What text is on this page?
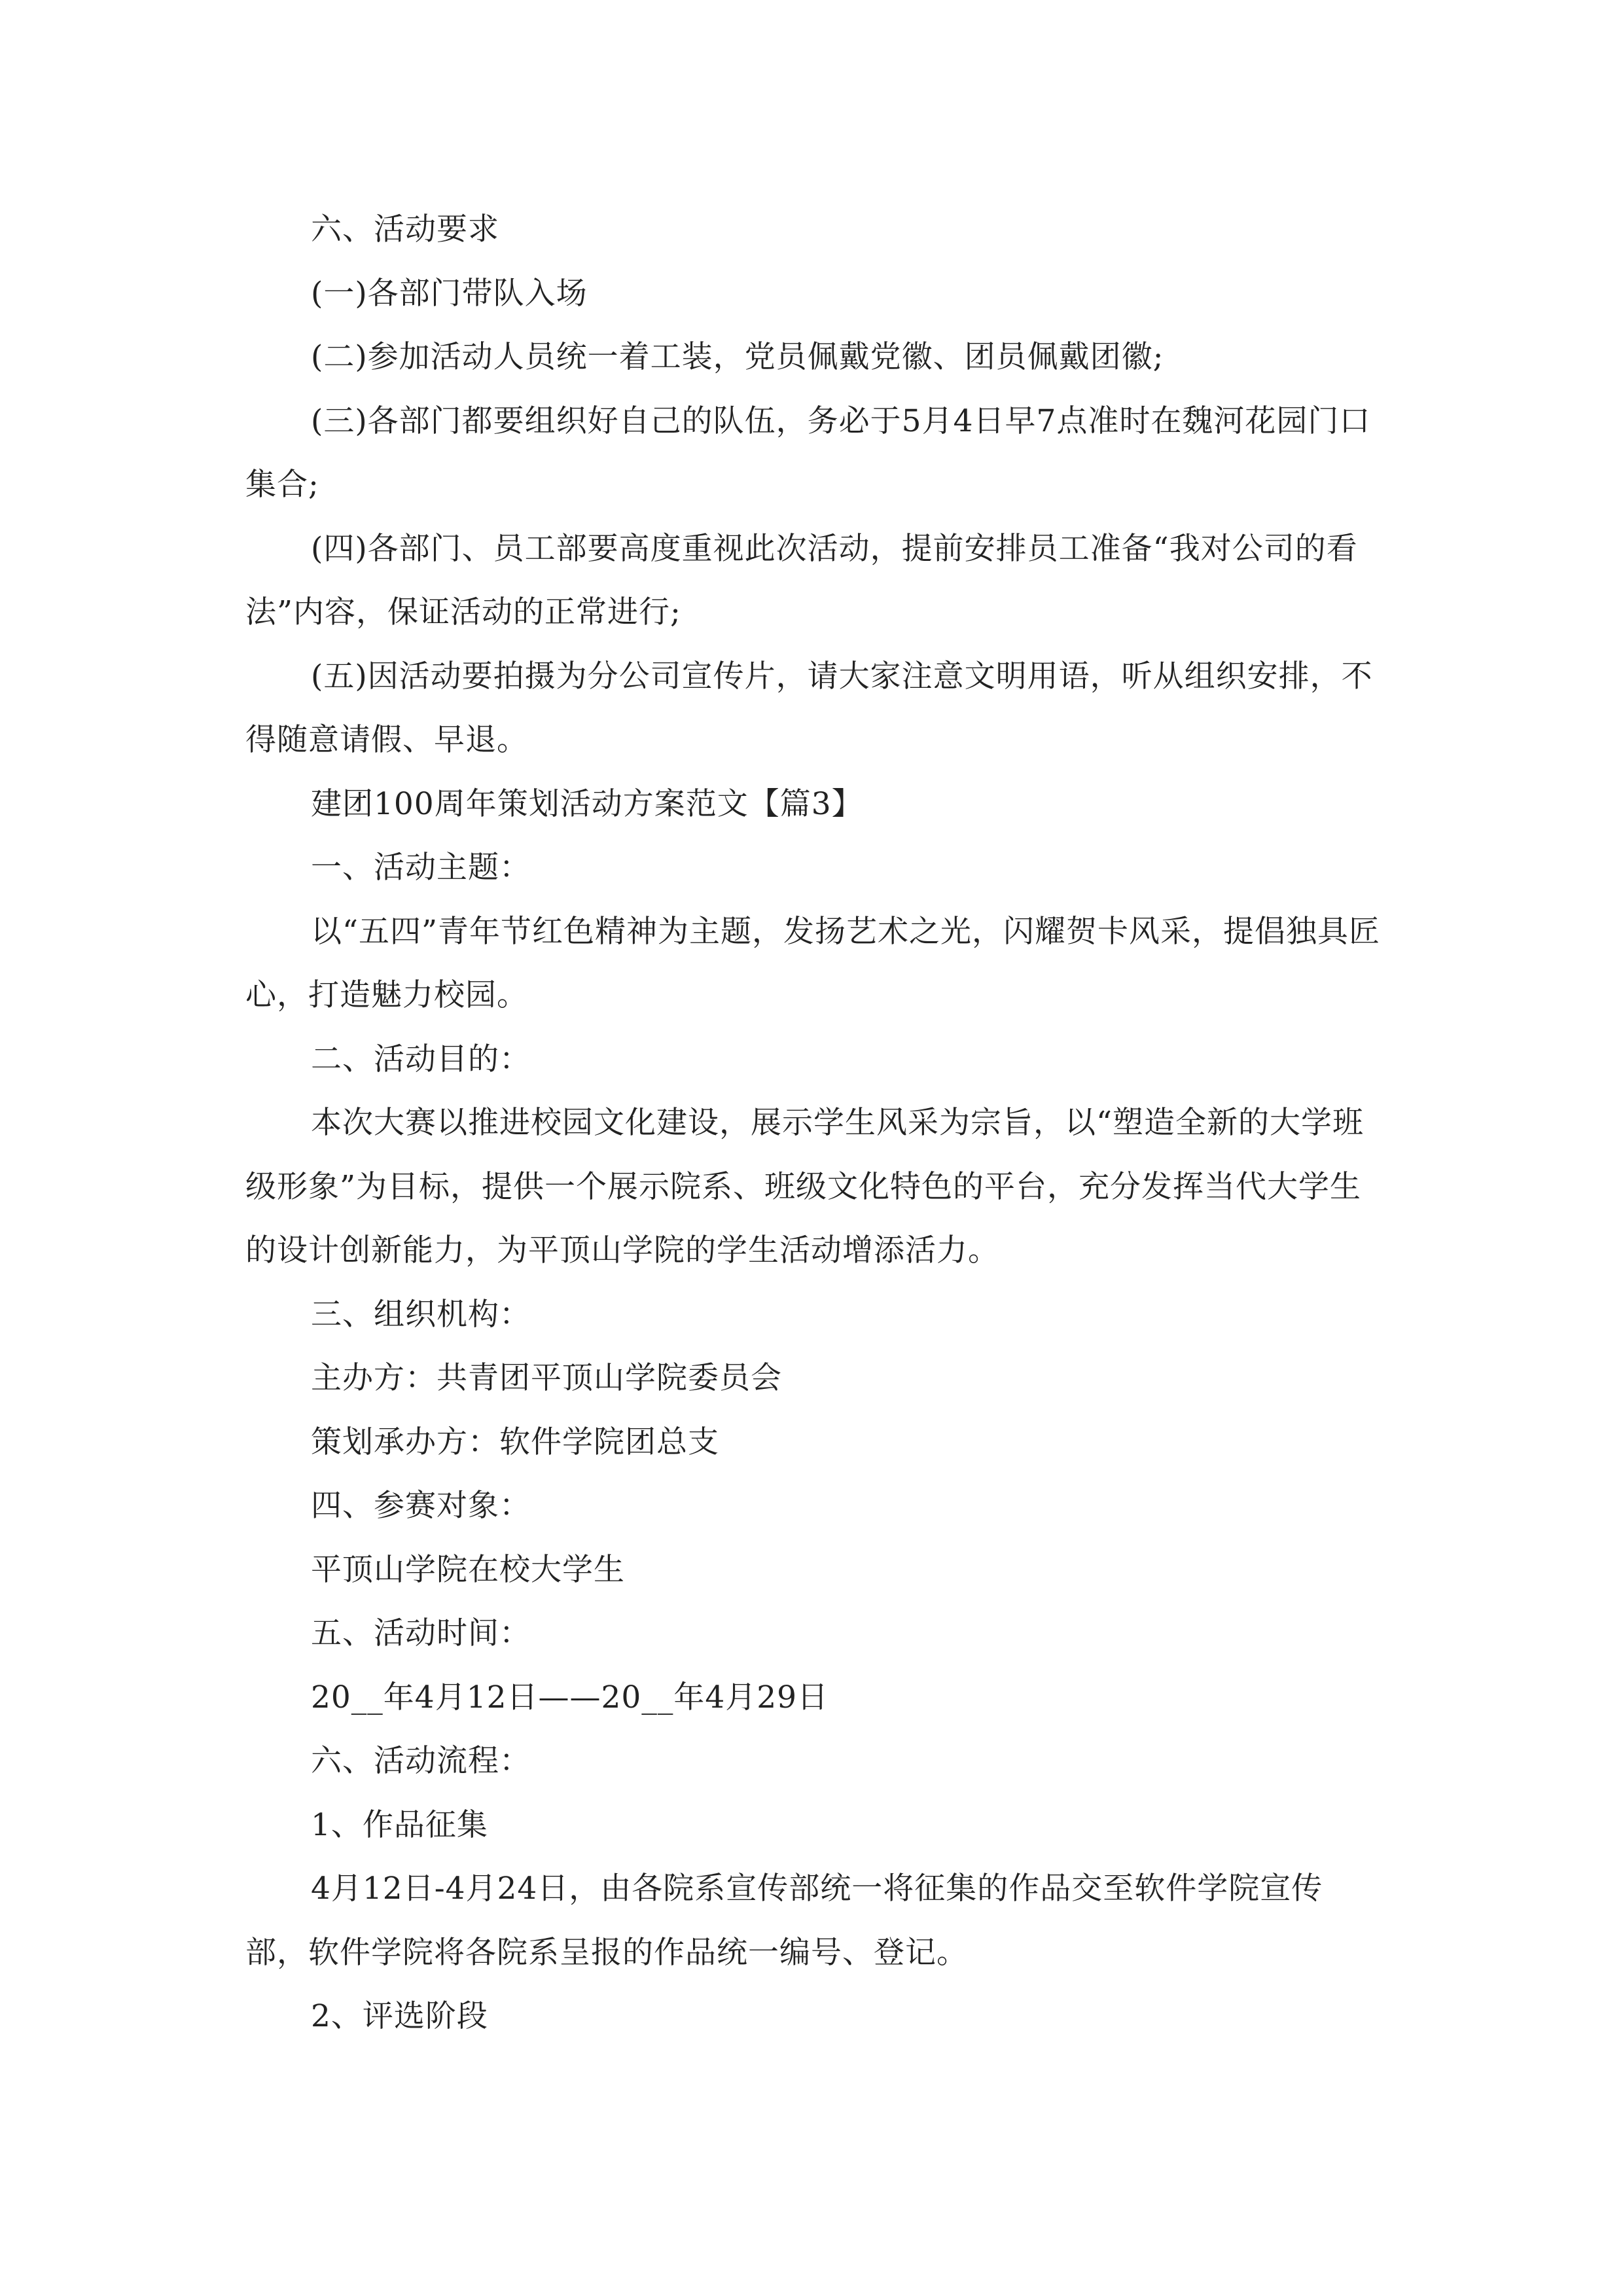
六、活动要求

(一)各部门带队入场

(二)参加活动人员统一着工装，党员佩戴党徽、团员佩戴团徽;

(三)各部门都要组织好自己的队伍，务必于5月4日早7点准时在魏河花园门口集合;

(四)各部门、员工部要高度重视此次活动，提前安排员工准备“我对公司的看法”内容，保证活动的正常进行;

(五)因活动要拍摄为分公司宣传片，请大家注意文明用语，听从组织安排，不得随意请假、早退。

建团100周年策划活动方案范文【篇3】

一、活动主题：

以“五四”青年节红色精神为主题，发扬艺术之光，闪耀贺卡风采，提倡独具匠心，打造魅力校园。

二、活动目的：

本次大赛以推进校园文化建设，展示学生风采为宗旨，以“塑造全新的大学班级形象”为目标，提供一个展示院系、班级文化特色的平台，充分发挥当代大学生的设计创新能力，为平顶山学院的学生活动增添活力。

三、组织机构：

主办方：共青团平顶山学院委员会

策划承办方：软件学院团总支

四、参赛对象：

平顶山学院在校大学生

五、活动时间：

20__年4月12日——20__年4月29日

六、活动流程：

1、作品征集

4月12日-4月24日，由各院系宣传部统一将征集的作品交至软件学院宣传部，软件学院将各院系呈报的作品统一编号、登记。

2、评选阶段
